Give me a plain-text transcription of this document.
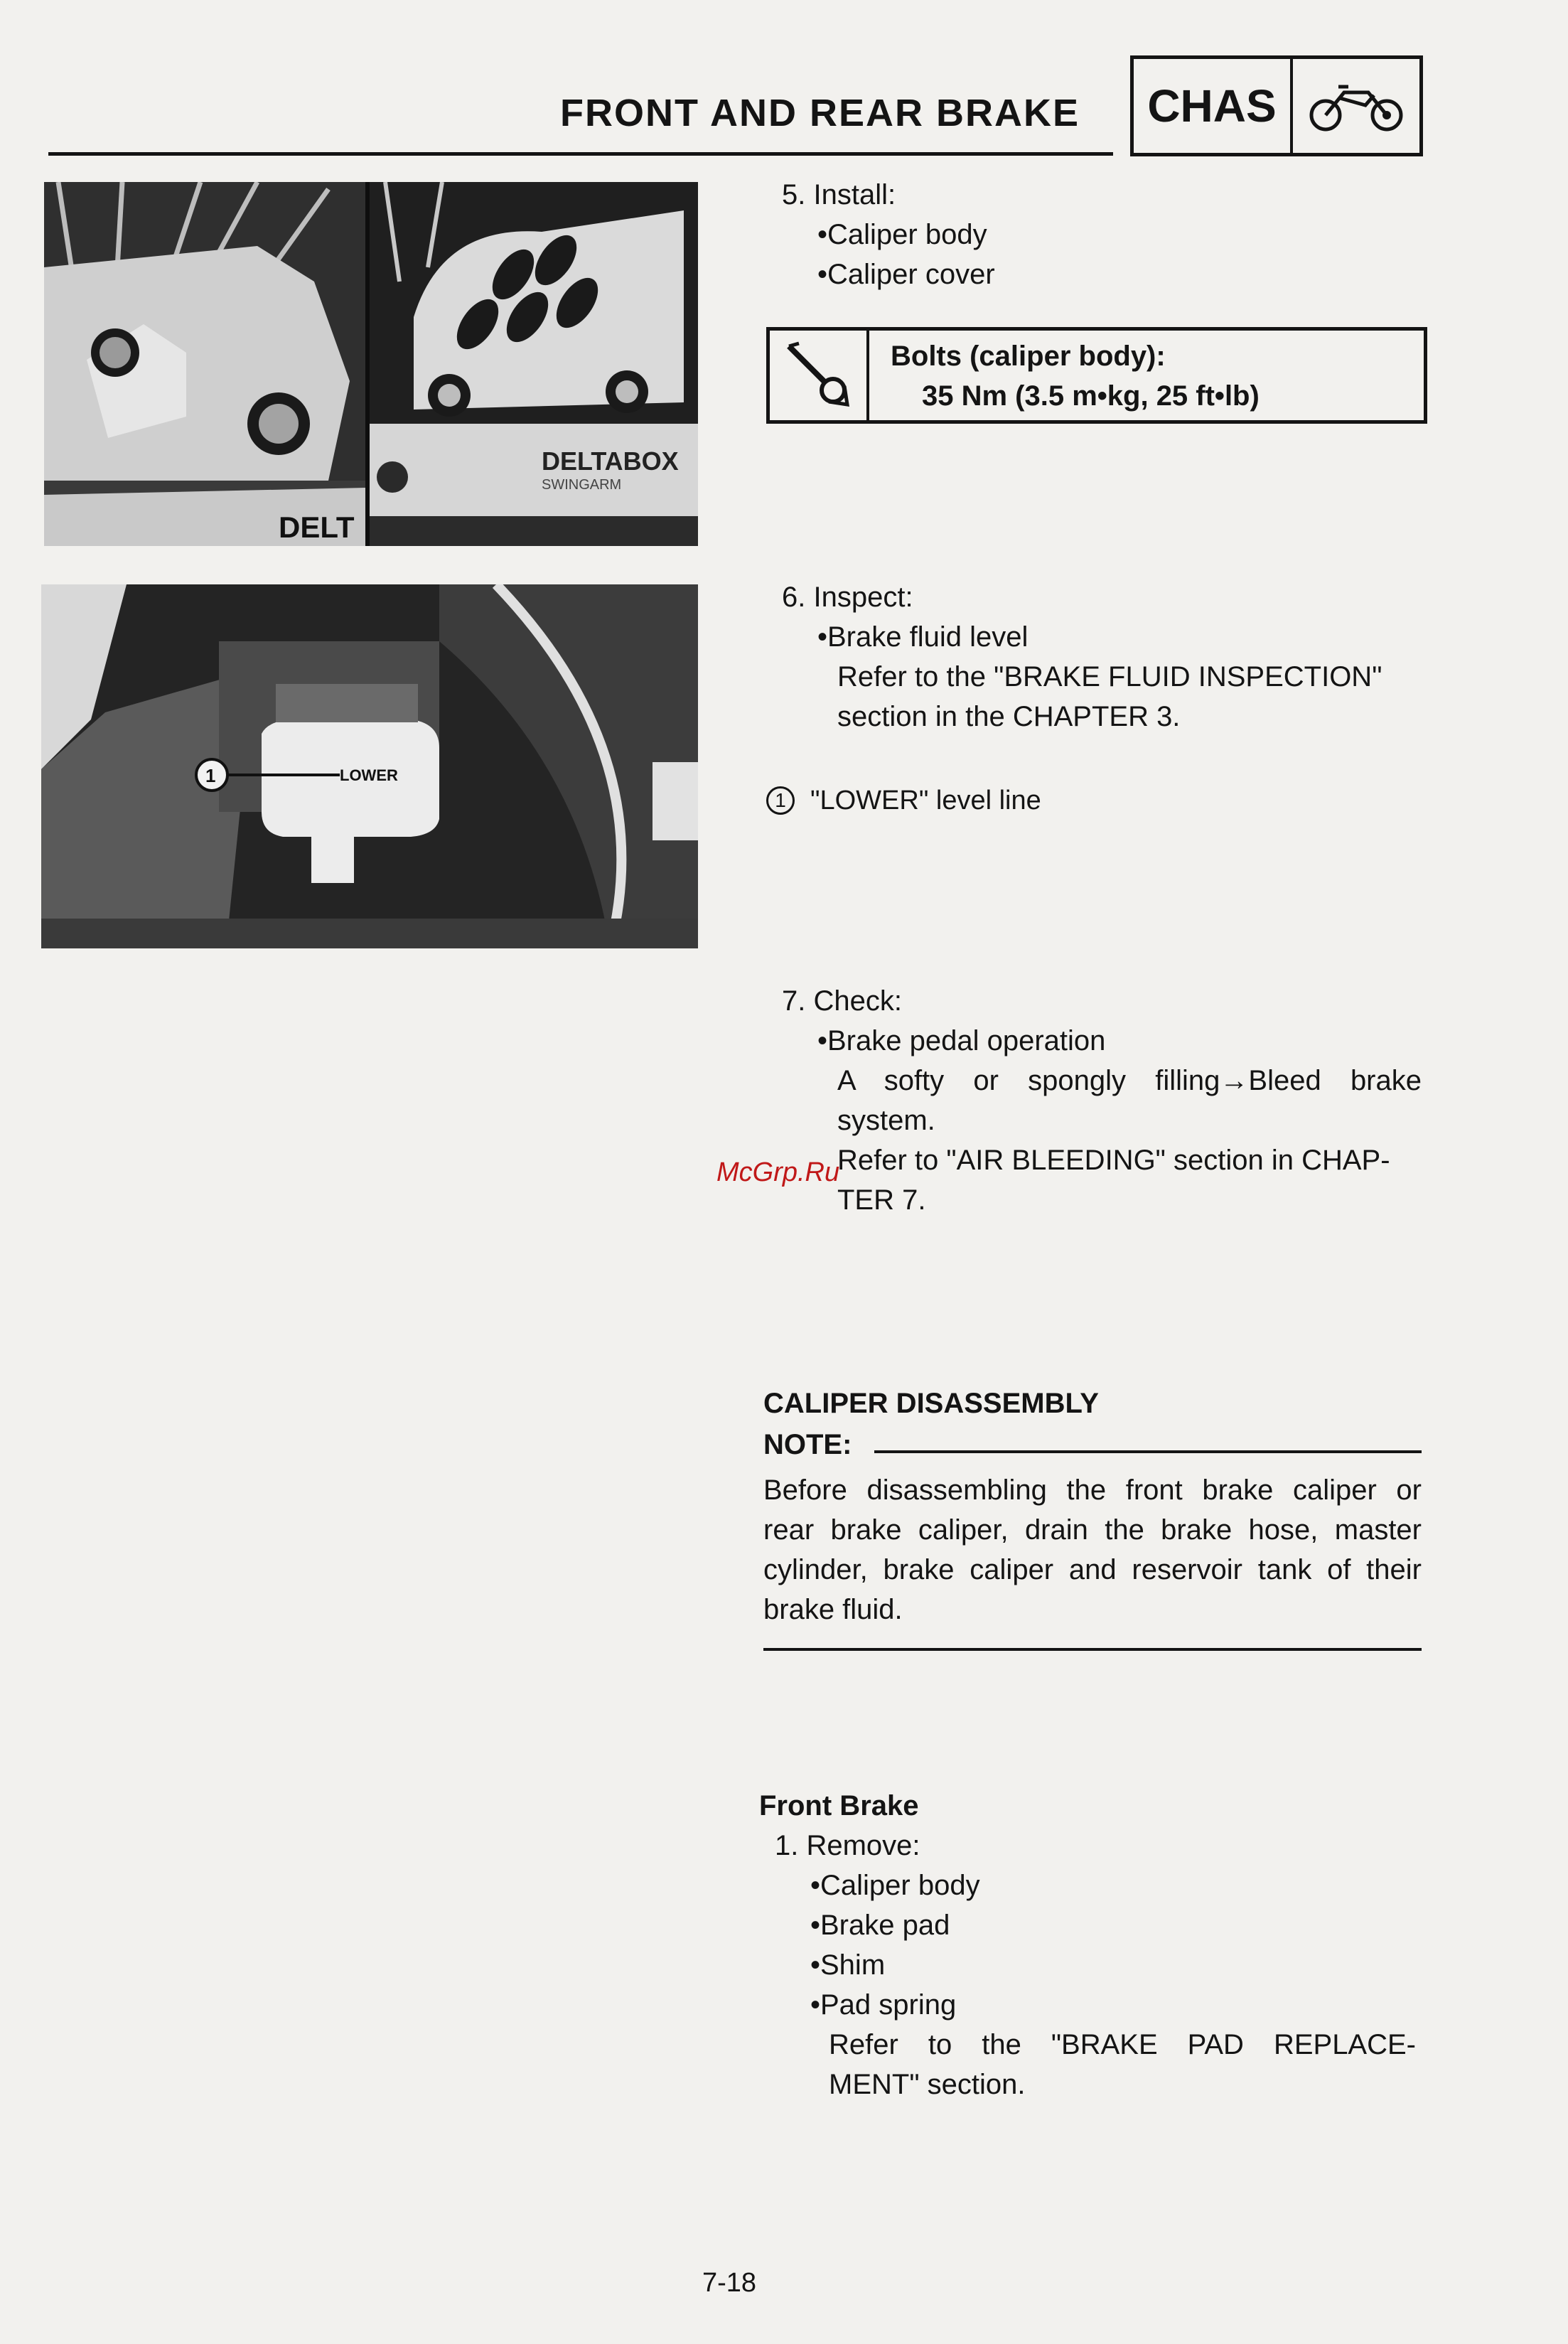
FRONT AND REAR BRAKE	CHAS
DELT
DELTABOX
SWINGARM
LOWER
1
5. Install:
•Caliper body
•Caliper cover
Bolts (caliper body):
35 Nm (3.5 m•kg, 25 ft•lb)
6. Inspect:
•Brake fluid level
Refer to the "BRAKE FLUID INSPECTION"
section in the CHAPTER 3.
1 "LOWER" level line
7. Check:
•Brake pedal operation
A softy or spongly filling→Bleed brake
system.
Refer to "AIR BLEEDING" section in CHAP-
TER 7.
McGrp.Ru
CALIPER DISASSEMBLY
NOTE:
Before disassembling the front brake caliper or
rear brake caliper, drain the brake hose, master
cylinder, brake caliper and reservoir tank of their
brake fluid.
Front Brake
1. Remove:
•Caliper body
•Brake pad
•Shim
•Pad spring
Refer to the "BRAKE PAD REPLACE-
MENT" section.
7-18
